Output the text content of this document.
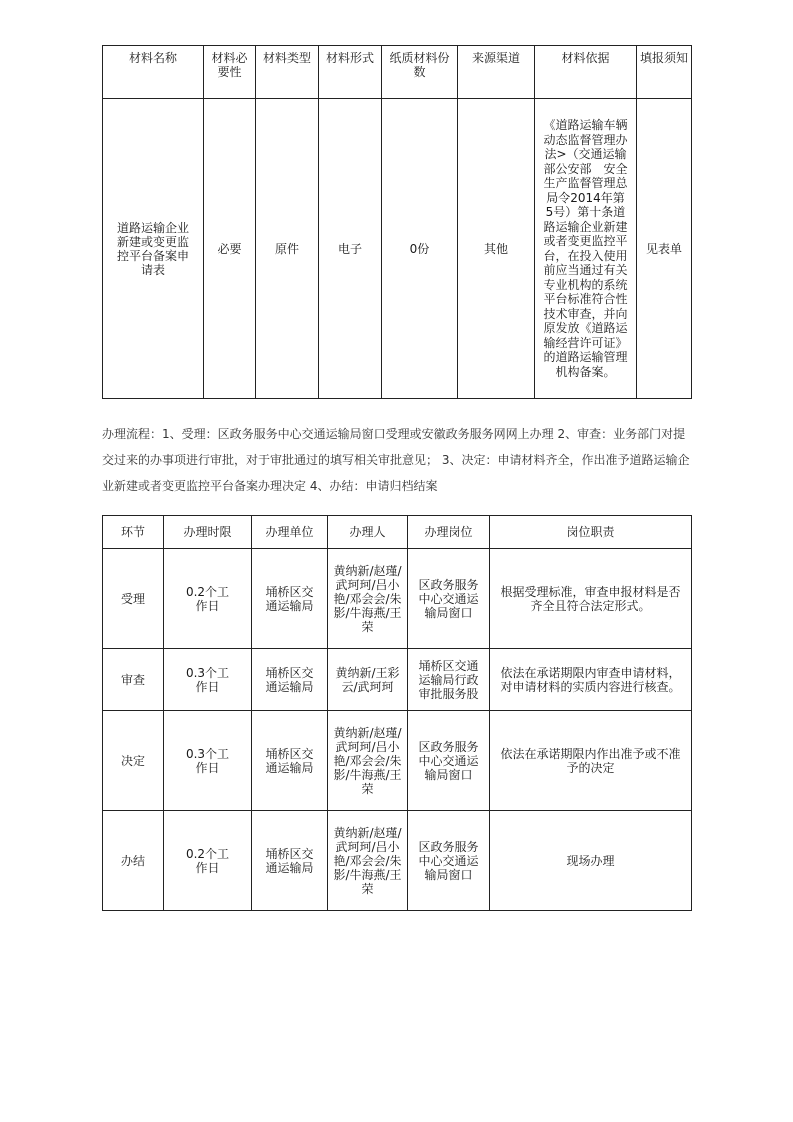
材料名称	材料必要性	材料类型	材料形式	纸质材料份数	来源渠道	材料依据	填报须知
道路运输企业新建或变更监控平台备案申请表	必要	原件	电子	0份	其他	《道路运输车辆动态监督管理办法>（交通运输部公安部　安全生产监督管理总局令2014年第5号）第十条道路运输企业新建或者变更监控平台，在投入使用前应当通过有关专业机构的系统平台标准符合性技术审查，并向原发放《道路运输经营许可证》的道路运输管理机构备案。	见表单
办理流程：1、受理：区政务服务中心交通运输局窗口受理或安徽政务服务网网上办理 2、审查：业务部门对提交过来的办事项进行审批，对于审批通过的填写相关审批意见； 3、决定：申请材料齐全，作出准予道路运输企业新建或者变更监控平台备案办理决定 4、办结：申请归档结案
环节	办理时限	办理单位	办理人	办理岗位	岗位职责
受理	0.2个工作日	埇桥区交通运输局	黄纳新/赵瑾/武珂珂/吕小艳/邓会会/朱影/牛海燕/王荣	区政务服务中心交通运输局窗口	根据受理标准，审查申报材料是否齐全且符合法定形式。
审查	0.3个工作日	埇桥区交通运输局	黄纳新/王彩云/武珂珂	埇桥区交通运输局行政审批服务股	依法在承诺期限内审查申请材料，对申请材料的实质内容进行核查。
决定	0.3个工作日	埇桥区交通运输局	黄纳新/赵瑾/武珂珂/吕小艳/邓会会/朱影/牛海燕/王荣	区政务服务中心交通运输局窗口	依法在承诺期限内作出准予或不准予的决定
办结	0.2个工作日	埇桥区交通运输局	黄纳新/赵瑾/武珂珂/吕小艳/邓会会/朱影/牛海燕/王荣	区政务服务中心交通运输局窗口	现场办理
